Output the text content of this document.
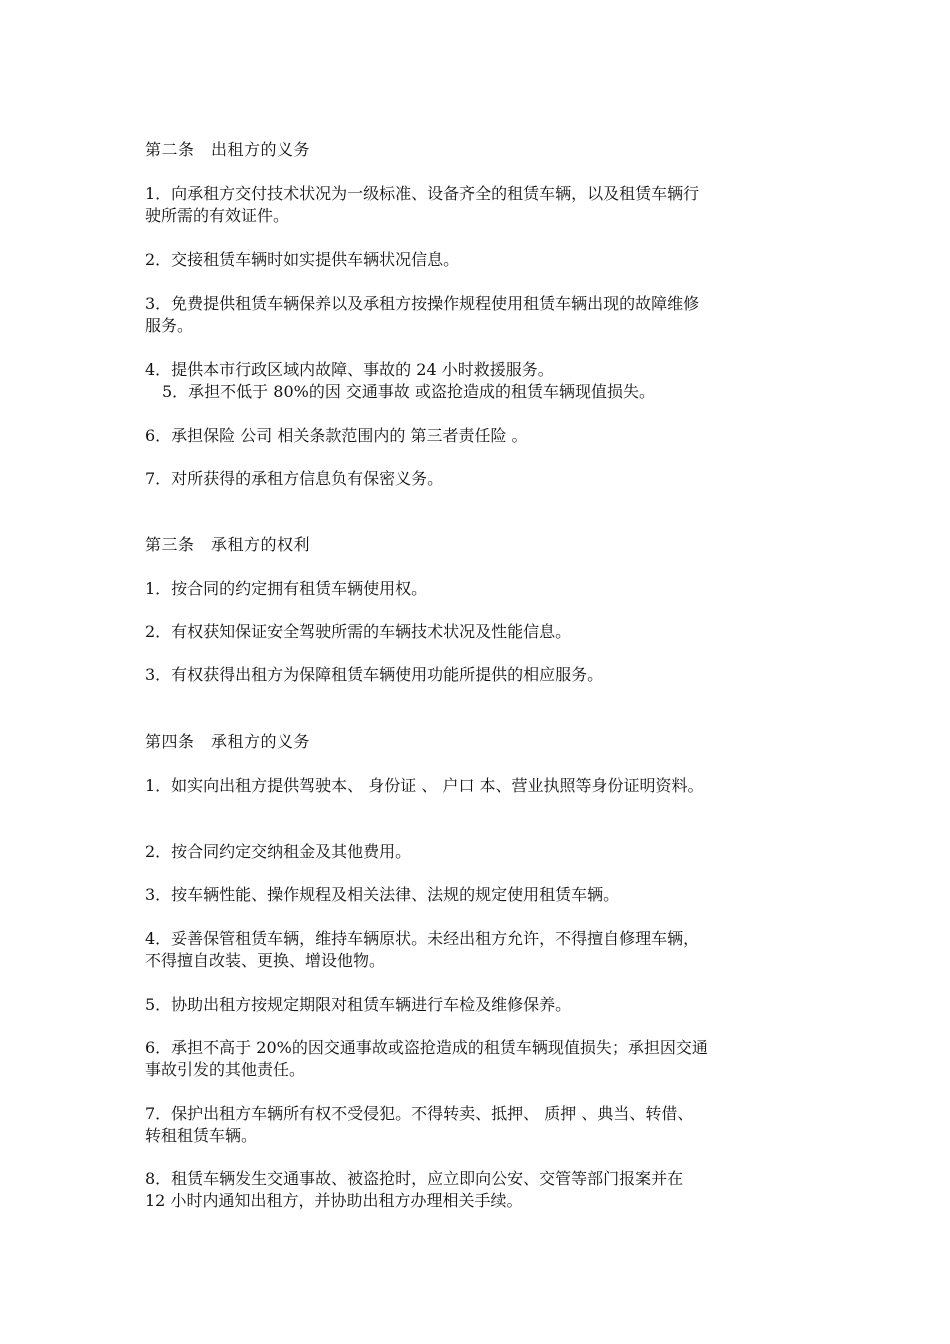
第二条　出租方的义务
1．向承租方交付技术状况为一级标准、设备齐全的租赁车辆，以及租赁车辆行
驶所需的有效证件。
2．交接租赁车辆时如实提供车辆状况信息。
3．免费提供租赁车辆保养以及承租方按操作规程使用租赁车辆出现的故障维修
服务。
4．提供本市行政区域内故障、事故的 24 小时救援服务。
5．承担不低于 80%的因 交通事故 或盗抢造成的租赁车辆现值损失。
6．承担保险 公司 相关条款范围内的 第三者责任险 。
7．对所获得的承租方信息负有保密义务。
第三条　承租方的权利
1．按合同的约定拥有租赁车辆使用权。
2．有权获知保证安全驾驶所需的车辆技术状况及性能信息。
3．有权获得出租方为保障租赁车辆使用功能所提供的相应服务。
第四条　承租方的义务
1．如实向出租方提供驾驶本、 身份证 、 户口 本、营业执照等身份证明资料。
2．按合同约定交纳租金及其他费用。
3．按车辆性能、操作规程及相关法律、法规的规定使用租赁车辆。
4．妥善保管租赁车辆，维持车辆原状。未经出租方允许，不得擅自修理车辆，
不得擅自改装、更换、增设他物。
5．协助出租方按规定期限对租赁车辆进行车检及维修保养。
6．承担不高于 20%的因交通事故或盗抢造成的租赁车辆现值损失；承担因交通
事故引发的其他责任。
7．保护出租方车辆所有权不受侵犯。不得转卖、抵押、 质押 、典当、转借、
转租租赁车辆。
8．租赁车辆发生交通事故、被盗抢时，应立即向公安、交管等部门报案并在
12 小时内通知出租方，并协助出租方办理相关手续。
